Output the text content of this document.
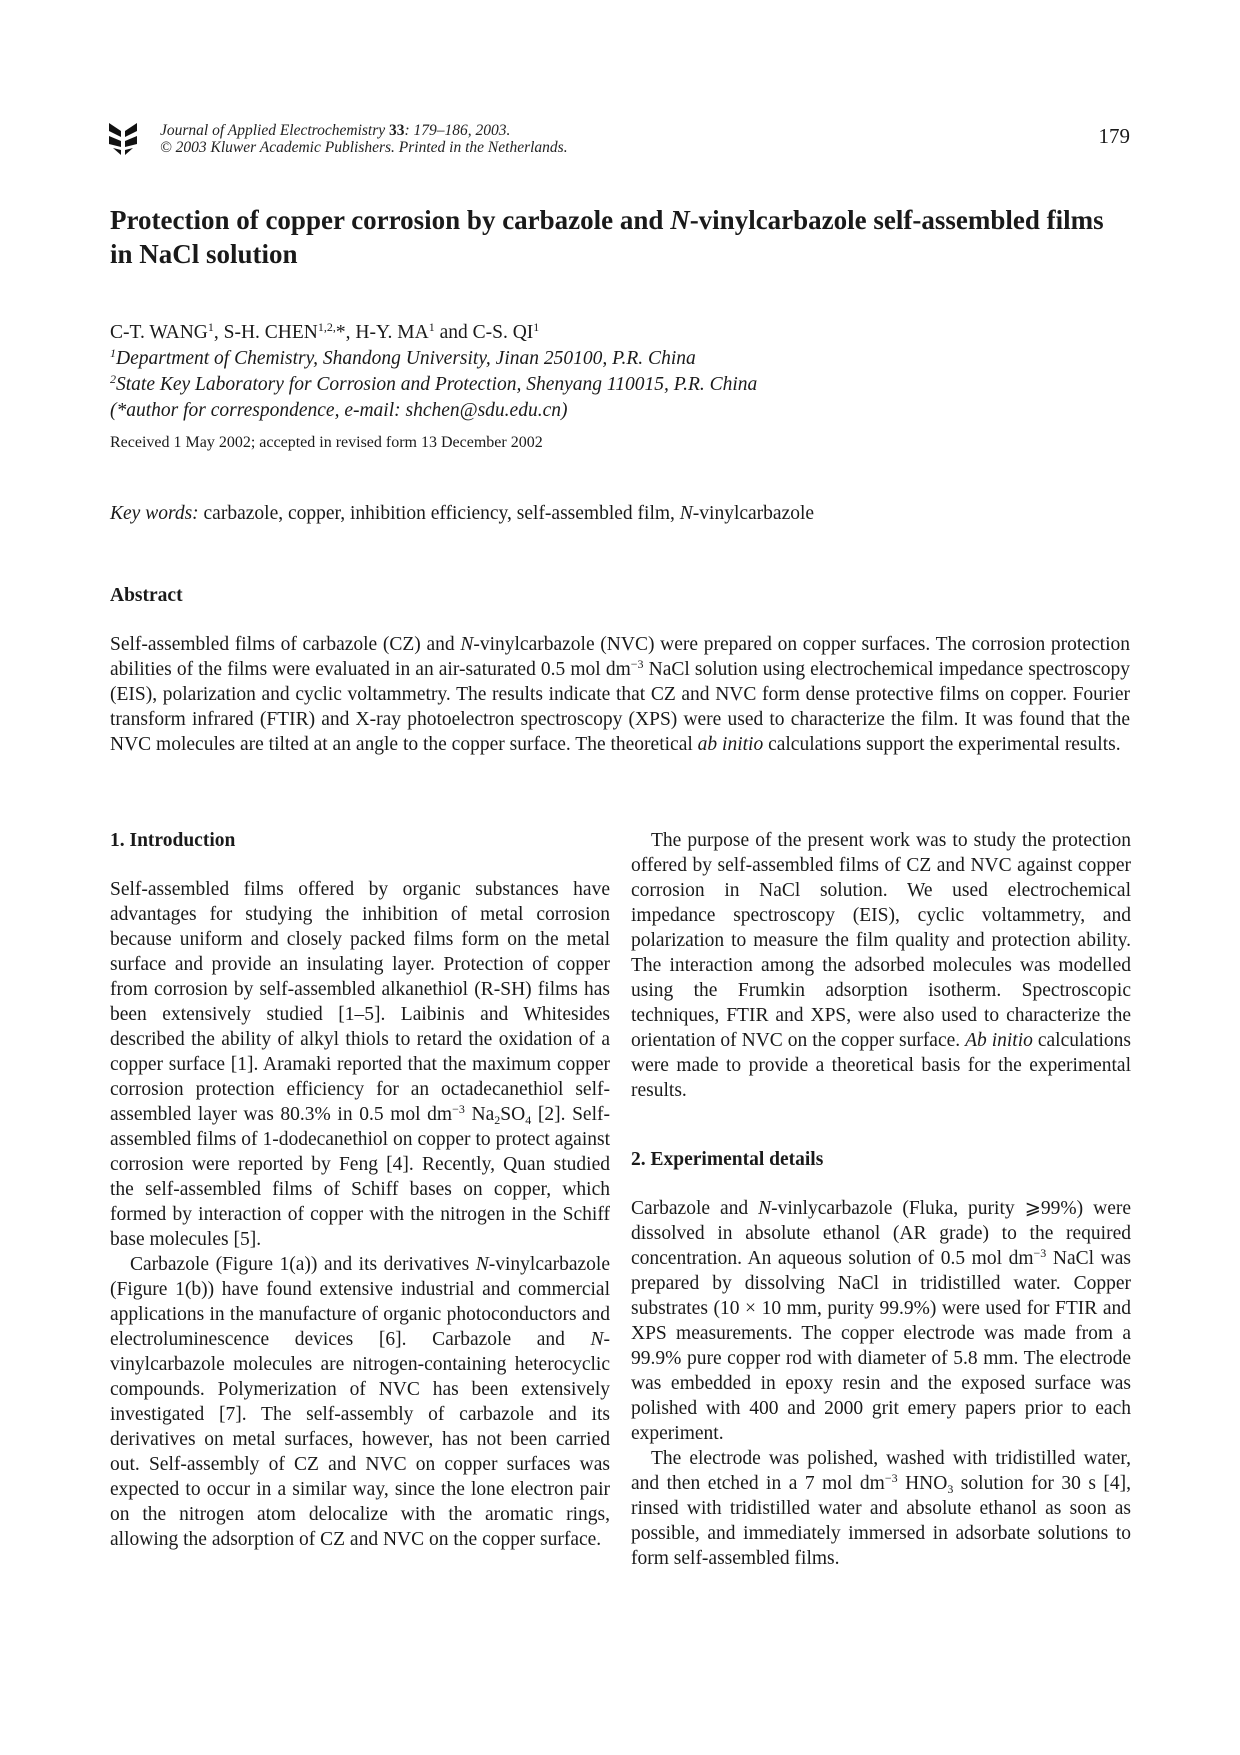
Journal of Applied Electrochemistry 33: 179–186, 2003.
© 2003 Kluwer Academic Publishers. Printed in the Netherlands.	179
Protection of copper corrosion by carbazole and N-vinylcarbazole self-assembled films in NaCl solution
C-T. WANG$^1$, S-H. $CHEN^{1,2,}*$, H-Y. $MA^1$ and C-S. $QI^1$
$^1$Department of Chemistry, Shandong University, Jinan 250100, P.R. China
$^2$State Key Laboratory for Corrosion and Protection, Shenyang 110015, P.R. China
(*author for correspondence, e-mail: shchen@sdu.edu.cn)
Received 1 May 2002; accepted in revised form 13 December 2002
Key words: carbazole, copper, inhibition efficiency, self-assembled film, N-vinylcarbazole
Abstract

Self-assembled films of carbazole (CZ) and N-vinylcarbazole (NVC) were prepared on copper surfaces. The corrosion protection abilities of the films were evaluated in an air-saturated 0.5 mol $dm^{-3}$ NaCl solution using electrochemical impedance spectroscopy (EIS), polarization and cyclic voltammetry. The results indicate that CZ and NVC form dense protective films on copper. Fourier transform infrared (FTIR) and X-ray photoelectron spectroscopy (XPS) were used to characterize the film. It was found that the NVC molecules are tilted at an angle to the copper surface. The theoretical ab initio calculations support the experimental results.

1. Introduction

Self-assembled films offered by organic substances have advantages for studying the inhibition of metal corrosion because uniform and closely packed films form on the metal surface and provide an insulating layer. Protection of copper from corrosion by self-assembled alkanethiol (R-SH) films has been extensively studied [1–5]. Laibinis and Whitesides described the ability of alkyl thiols to retard the oxidation of a copper surface [1]. Aramaki reported that the maximum copper corrosion protection efficiency for an octadecanethiol self-assembled layer was 80.3% in 0.5 mol $dm^{-3}$ $Na_2SO_4$ [2]. Self-assembled films of 1-dodecanethiol on copper to protect against corrosion were reported by Feng [4]. Recently, Quan studied the self-assembled films of Schiff bases on copper, which formed by interaction of copper with the nitrogen in the Schiff base molecules [5].

Carbazole (Figure 1(a)) and its derivatives N-vinylcarbazole (Figure 1(b)) have found extensive industrial and commercial applications in the manufacture of organic photoconductors and electroluminescence devices [6]. Carbazole and N-vinylcarbazole molecules are nitrogen-containing heterocyclic compounds. Polymerization of NVC has been extensively investigated [7]. The self-assembly of carbazole and its derivatives on metal surfaces, however, has not been carried out. Self-assembly of CZ and NVC on copper surfaces was expected to occur in a similar way, since the lone electron pair on the nitrogen atom delocalize with the aromatic rings, allowing the adsorption of CZ and NVC on the copper surface.

The purpose of the present work was to study the protection offered by self-assembled films of CZ and NVC against copper corrosion in NaCl solution. We used electrochemical impedance spectroscopy (EIS), cyclic voltammetry, and polarization to measure the film quality and protection ability. The interaction among the adsorbed molecules was modelled using the Frumkin adsorption isotherm. Spectroscopic techniques, FTIR and XPS, were also used to characterize the orientation of NVC on the copper surface. Ab initio calculations were made to provide a theoretical basis for the experimental results.

2. Experimental details

Carbazole and N-vinlycarbazole (Fluka, purity ⩾99%) were dissolved in absolute ethanol (AR grade) to the required concentration. An aqueous solution of 0.5 mol $dm^{-3}$ NaCl was prepared by dissolving NaCl in tridistilled water. Copper substrates (10 × 10 mm, purity 99.9%) were used for FTIR and XPS measurements. The copper electrode was made from a 99.9% pure copper rod with diameter of 5.8 mm. The electrode was embedded in epoxy resin and the exposed surface was polished with 400 and 2000 grit emery papers prior to each experiment.

The electrode was polished, washed with tridistilled water, and then etched in a 7 mol $dm^{-3}$ $HNO_3$ solution for 30 s [4], rinsed with tridistilled water and absolute ethanol as soon as possible, and immediately immersed in adsorbate solutions to form self-assembled films.
